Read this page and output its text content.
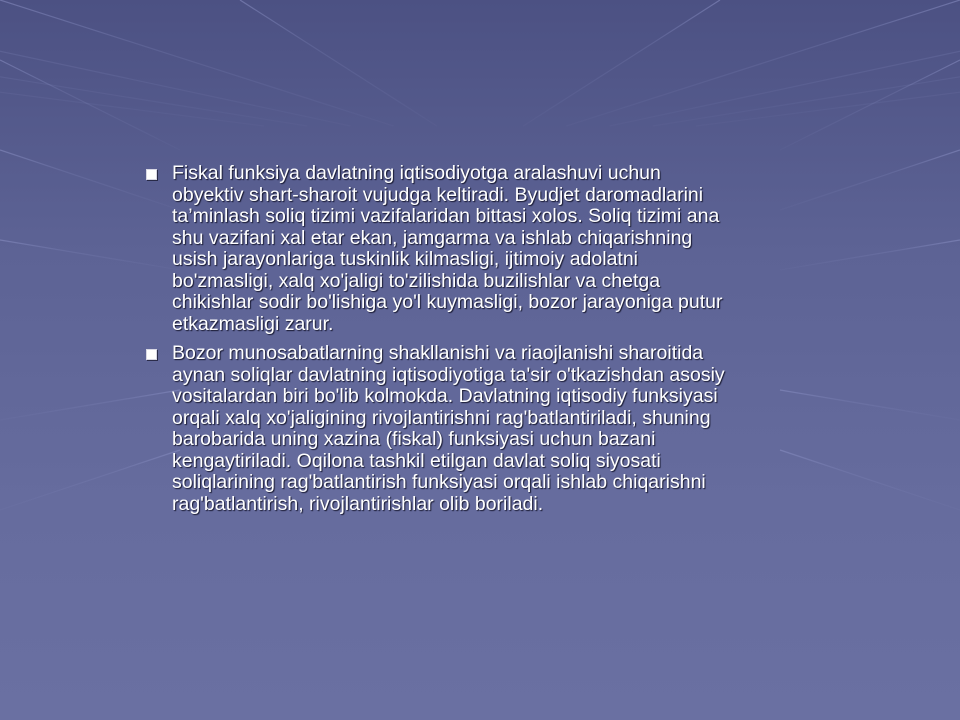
Fiskal funksiya davlatning iqtisodiyotga aralashuvi uchun
obyektiv shart-sharoit vujudga keltiradi. Byudjet daromadlarini
ta’minlash soliq tizimi vazifalaridan bittasi xolos. Soliq tizimi ana
shu vazifani xal etar ekan, jamgarma va ishlab chiqarishning
usish jarayonlariga tuskinlik kilmasligi, ijtimoiy adolatni
bo'zmasligi, xalq xo'jaligi to'zilishida buzilishlar va chetga
chikishlar sodir bo'lishiga yo'l kuymasligi, bozor jarayoniga putur
etkazmasligi zarur.
Bozor munosabatlarning shakllanishi va riaojlanishi sharoitida
aynan soliqlar davlatning iqtisodiyotiga ta'sir o'tkazishdan asosiy
vositalardan biri bo'lib kolmokda. Davlatning iqtisodiy funksiyasi
orqali xalq xo'jaligining rivojlantirishni rag'batlantiriladi, shuning
barobarida uning xazina (fiskal) funksiyasi uchun bazani
kengaytiriladi. Oqilona tashkil etilgan davlat soliq siyosati
soliqlarining rag'batlantirish funksiyasi orqali ishlab chiqarishni
rag'batlantirish, rivojlantirishlar olib boriladi.
